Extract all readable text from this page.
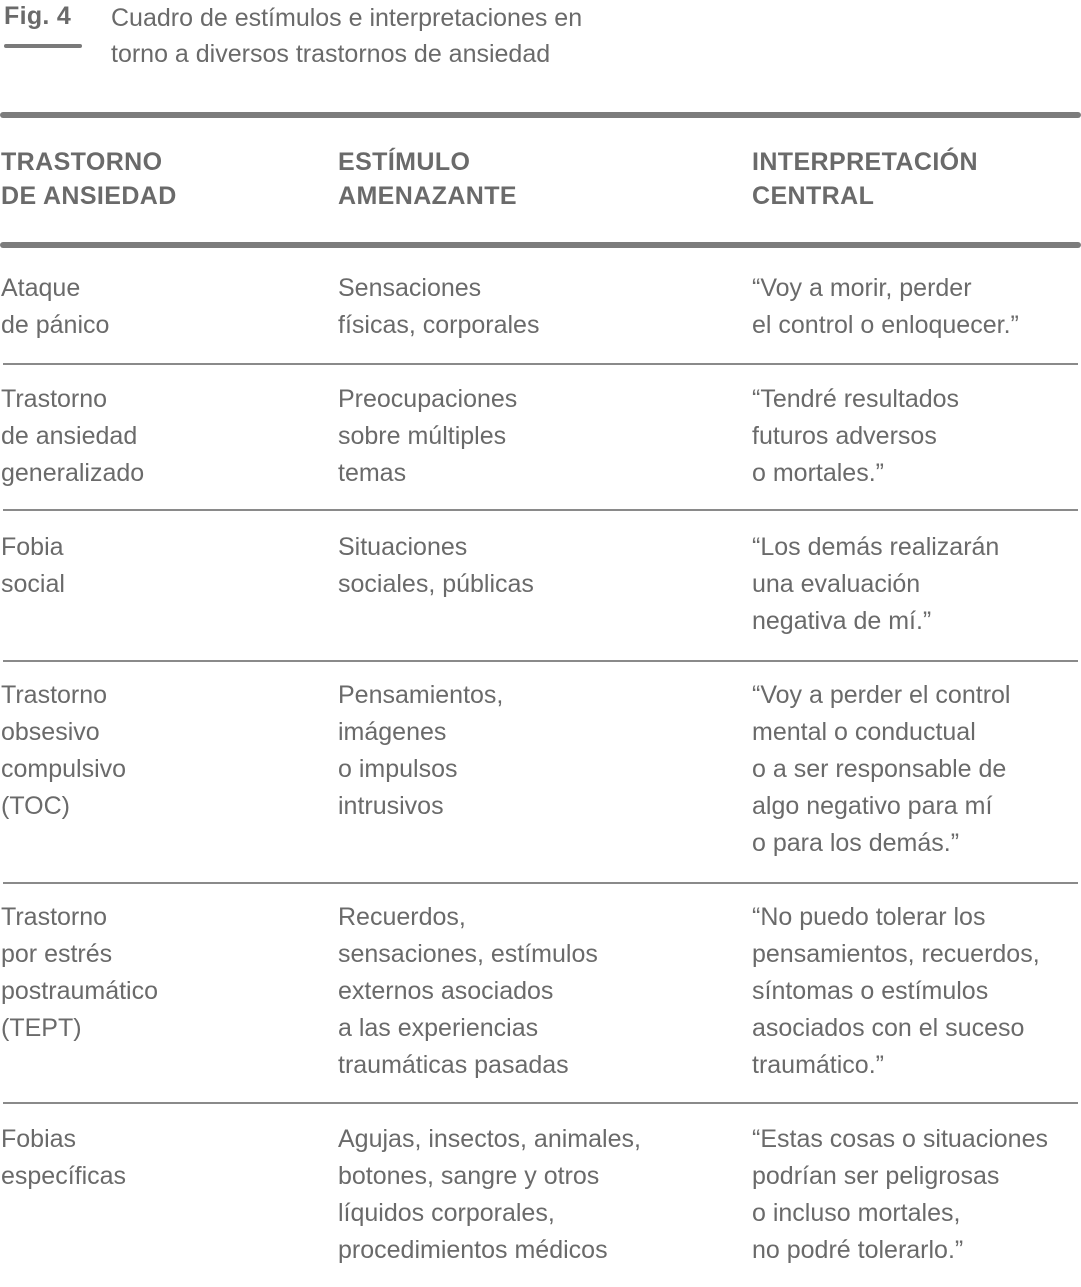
Fig. 4 Cuadro de estímulos e interpretaciones en
torno a diversos trastornos de ansiedad
TRASTORNO
DE ANSIEDAD
ESTÍMULO
AMENAZANTE
INTERPRETACIÓN
CENTRAL
Ataque
de pánico
Sensaciones
físicas, corporales
“Voy a morir, perder
el control o enloquecer.”
Trastorno
de ansiedad
generalizado
Preocupaciones
sobre múltiples
temas
“Tendré resultados
futuros adversos
o mortales.”
Fobia
social
Situaciones
sociales, públicas
“Los demás realizarán
una evaluación
negativa de mí.”
Trastorno
obsesivo
compulsivo
(TOC)
Pensamientos,
imágenes
o impulsos
intrusivos
“Voy a perder el control
mental o conductual
o a ser responsable de
algo negativo para mí
o para los demás.”
Trastorno
por estrés
postraumático
(TEPT)
Recuerdos,
sensaciones, estímulos
externos asociados
a las experiencias
traumáticas pasadas
“No puedo tolerar los
pensamientos, recuerdos,
síntomas o estímulos
asociados con el suceso
traumático.”
Fobias
específicas
Agujas, insectos, animales,
botones, sangre y otros
líquidos corporales,
procedimientos médicos
“Estas cosas o situaciones
podrían ser peligrosas
o incluso mortales,
no podré tolerarlo.”
